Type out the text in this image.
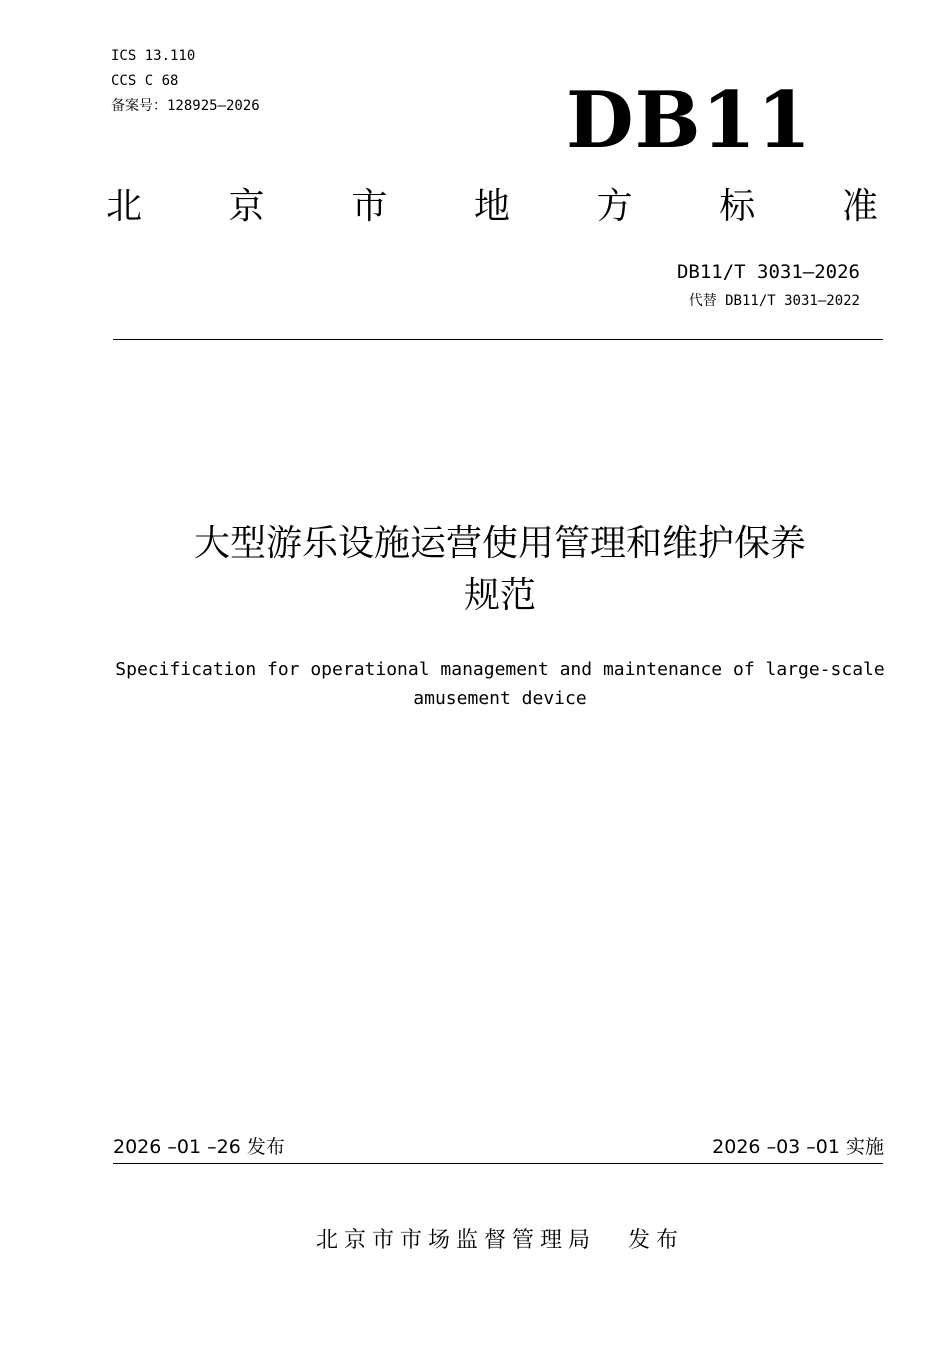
ICS 13.110
CCS C 68
备案号：128925—2026	DB11
北 京 市 地 方 标 准
DB11/T 3031—2026
代替 DB11/T 3031—2022
大型游乐设施运营使用管理和维护保养
规范
Specification for operational management and maintenance of large-scale
amusement device
2026 –01 –26 发布	2026 –03 –01 实施
北京市市场监督管理局 发布
